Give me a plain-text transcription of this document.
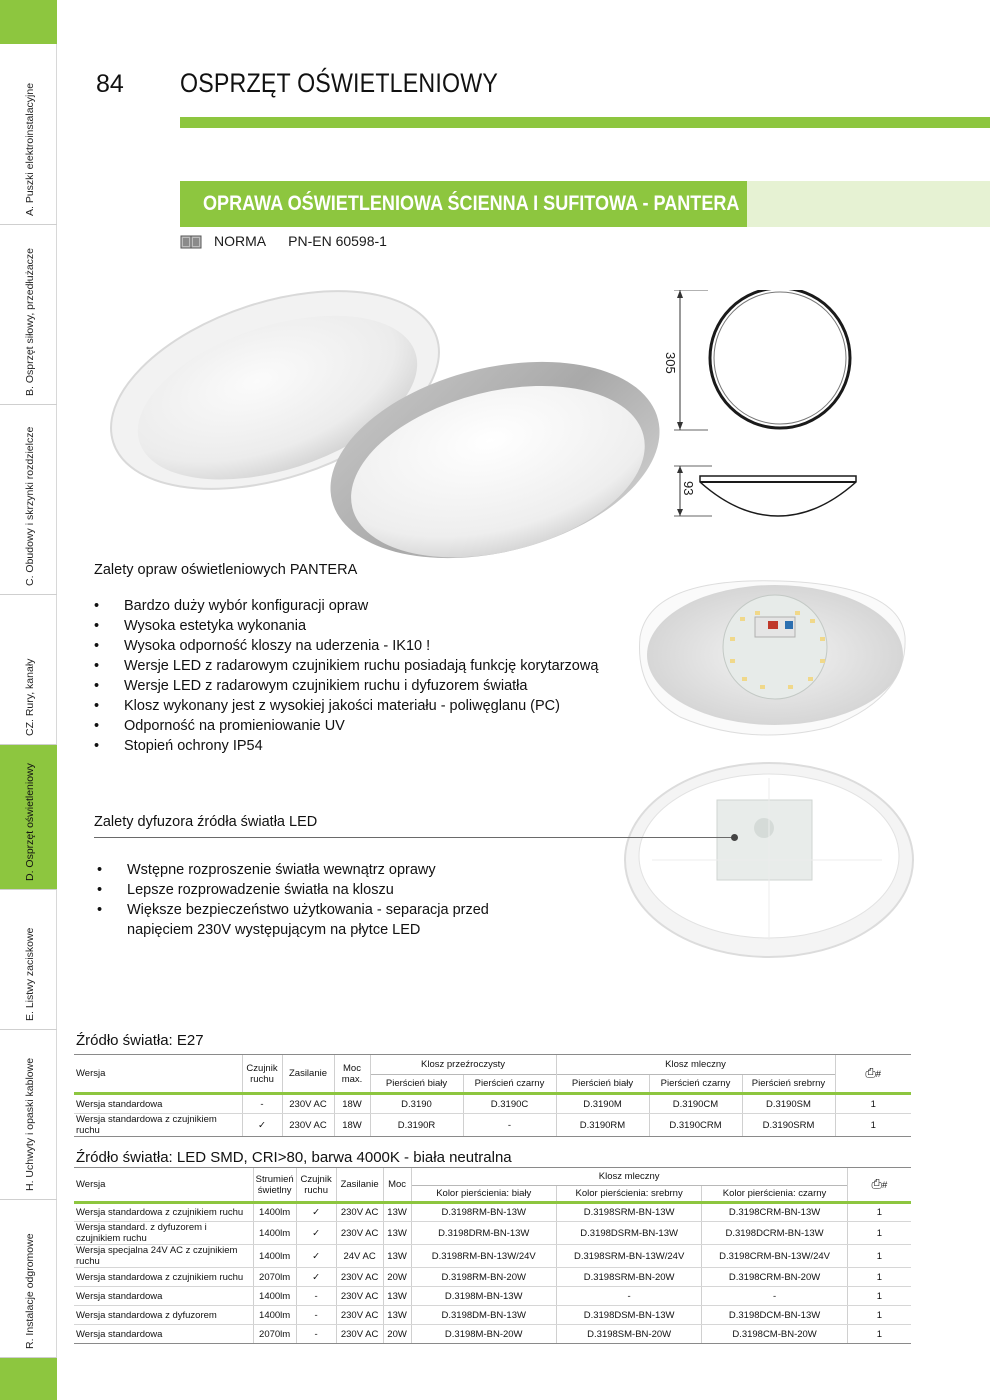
A. Puszki elektroinstalacyjne
B. Osprzęt siłowy, przedłużacze
C. Obudowy i skrzynki rozdzielcze
CZ. Rury, kanały
D. Osprzęt oświetleniowy
E. Listwy zaciskowe
H. Uchwyty i opaski kablowe
R. Instalacje odgromowe
84 OSPRZĘT OŚWIETLENIOWY
OPRAWA OŚWIETLENIOWA ŚCIENNA I SUFITOWA - PANTERA
NORMA PN-EN 60598-1
305
93
Zalety opraw oświetleniowych PANTERA
• Bardzo duży wybór konfiguracji opraw
• Wysoka estetyka wykonania
• Wysoka odporność kloszy na uderzenia - IK10 !
• Wersje LED z radarowym czujnikiem ruchu posiadają funkcję korytarzową
• Wersje LED z radarowym czujnikiem ruchu i dyfuzorem światła
• Klosz wykonany jest z wysokiej jakości materiału - poliwęglanu (PC)
• Odporność na promieniowanie UV
• Stopień ochrony IP54
Zalety dyfuzora źródła światła LED
• Wstępne rozproszenie światła wewnątrz oprawy
• Lepsze rozprowadzenie światła na kloszu
• Większe bezpieczeństwo użytkowania - separacja przed napięciem 230V występującym na płytce LED
Źródło światła: E27
Wersja	Czujnik ruchu	Zasilanie	Moc max.	Klosz przeźroczysty		Klosz mleczny			⎙#
				Pierścień biały	Pierścień czarny	Pierścień biały	Pierścień czarny	Pierścień srebrny	
Wersja standardowa	-	230V AC	18W	D.3190	D.3190C	D.3190M	D.3190CM	D.3190SM	1
Wersja standardowa z czujnikiem ruchu	✓	230V AC	18W	D.3190R	-	D.3190RM	D.3190CRM	D.3190SRM	1
Źródło światła: LED SMD, CRI>80, barwa 4000K - biała neutralna
Wersja	Strumień świetlny	Czujnik ruchu	Zasilanie	Moc	Klosz mleczny			⎙#
					Kolor pierścienia: biały	Kolor pierścienia: srebrny	Kolor pierścienia: czarny	
Wersja standardowa z czujnikiem ruchu	1400lm	✓	230V AC	13W	D.3198RM-BN-13W	D.3198SRM-BN-13W	D.3198CRM-BN-13W	1
Wersja standard. z dyfuzorem i czujnikiem ruchu	1400lm	✓	230V AC	13W	D.3198DRM-BN-13W	D.3198DSRM-BN-13W	D.3198DCRM-BN-13W	1
Wersja specjalna 24V AC z czujnikiem ruchu	1400lm	✓	24V AC	13W	D.3198RM-BN-13W/24V	D.3198SRM-BN-13W/24V	D.3198CRM-BN-13W/24V	1
Wersja standardowa z czujnikiem ruchu	2070lm	✓	230V AC	20W	D.3198RM-BN-20W	D.3198SRM-BN-20W	D.3198CRM-BN-20W	1
Wersja standardowa	1400lm	-	230V AC	13W	D.3198M-BN-13W	-	-	1
Wersja standardowa z dyfuzorem	1400lm	-	230V AC	13W	D.3198DM-BN-13W	D.3198DSM-BN-13W	D.3198DCM-BN-13W	1
Wersja standardowa	2070lm	-	230V AC	20W	D.3198M-BN-20W	D.3198SM-BN-20W	D.3198CM-BN-20W	1
